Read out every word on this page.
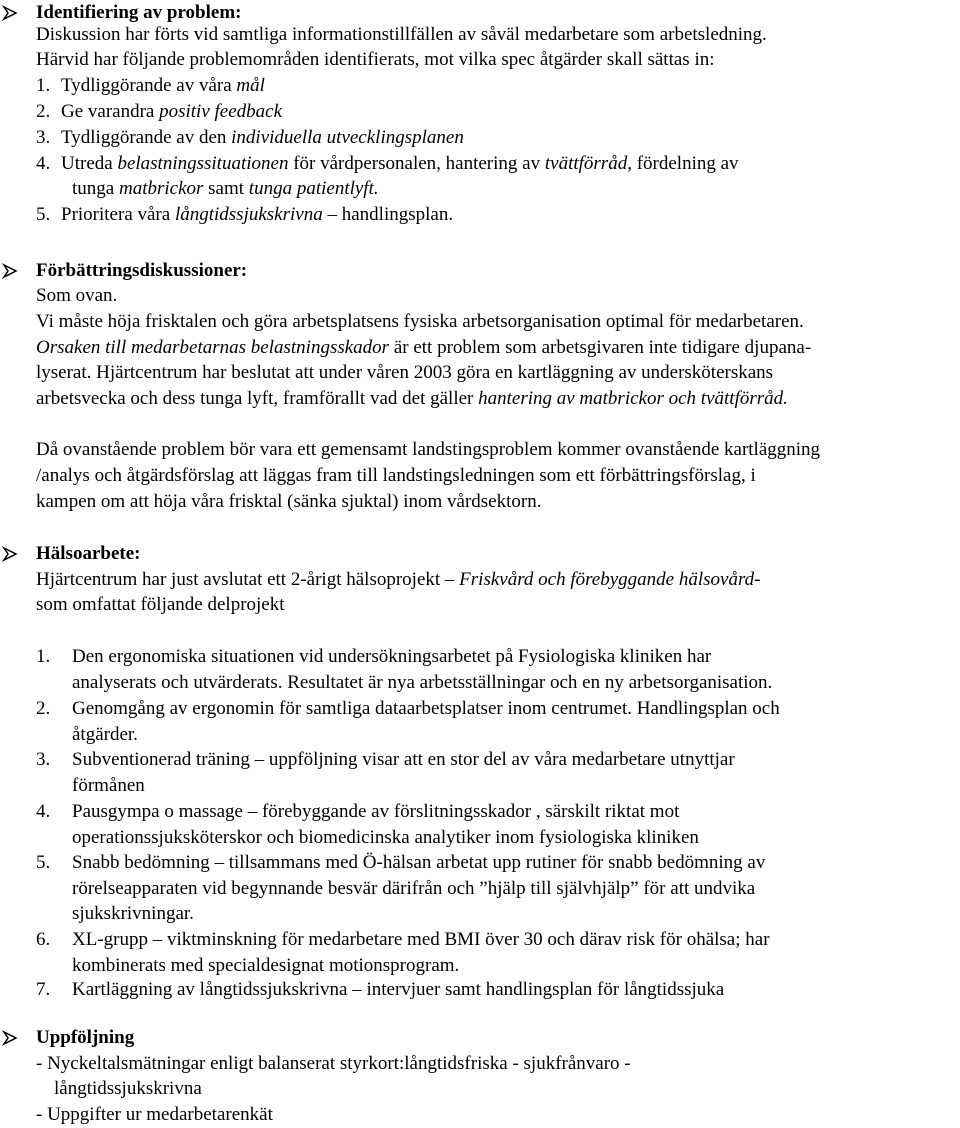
Identifiering av problem:
Diskussion har förts vid samtliga informationstillfällen av såväl medarbetare som arbetsledning.
Härvid har följande problemområden identifierats, mot vilka spec åtgärder skall sättas in:
1. Tydliggörande av våra mål
2. Ge varandra positiv feedback
3. Tydliggörande av den individuella utvecklingsplanen
4. Utreda belastningssituationen för vårdpersonalen, hantering av tvättförråd, fördelning av
tunga matbrickor samt tunga patientlyft.
5. Prioritera våra långtidssjukskrivna – handlingsplan.
Förbättringsdiskussioner:
Som ovan.
Vi måste höja frisktalen och göra arbetsplatsens fysiska arbetsorganisation optimal för medarbetaren.
Orsaken till medarbetarnas belastningsskador är ett problem som arbetsgivaren inte tidigare djupana-
lyserat. Hjärtcentrum har beslutat att under våren 2003 göra en kartläggning av undersköterskans
arbetsvecka och dess tunga lyft, framförallt vad det gäller hantering av matbrickor och tvättförråd.
Då ovanstående problem bör vara ett gemensamt landstingsproblem kommer ovanstående kartläggning
/analys och åtgärdsförslag att läggas fram till landstingsledningen som ett förbättringsförslag, i
kampen om att höja våra frisktal (sänka sjuktal) inom vårdsektorn.
Hälsoarbete:
Hjärtcentrum har just avslutat ett 2-årigt hälsoprojekt – Friskvård och förebyggande hälsovård-
som omfattat följande delprojekt
1. Den ergonomiska situationen vid undersökningsarbetet på Fysiologiska kliniken har
analyserats och utvärderats. Resultatet är nya arbetsställningar och en ny arbetsorganisation.
2. Genomgång av ergonomin för samtliga dataarbetsplatser inom centrumet. Handlingsplan och
åtgärder.
3. Subventionerad träning – uppföljning visar att en stor del av våra medarbetare utnyttjar
förmånen
4. Pausgympa o massage – förebyggande av förslitningsskador , särskilt riktat mot
operationssjuksköterskor och biomedicinska analytiker inom fysiologiska kliniken
5. Snabb bedömning – tillsammans med Ö-hälsan arbetat upp rutiner för snabb bedömning av
rörelseapparaten vid begynnande besvär därifrån och ”hjälp till självhjälp” för att undvika
sjukskrivningar.
6. XL-grupp – viktminskning för medarbetare med BMI över 30 och därav risk för ohälsa; har
kombinerats med specialdesignat motionsprogram.
7. Kartläggning av långtidssjukskrivna – intervjuer samt handlingsplan för långtidssjuka
Uppföljning
- Nyckeltalsmätningar enligt balanserat styrkort:långtidsfriska - sjukfrånvaro -
långtidssjukskrivna
- Uppgifter ur medarbetarenkät
